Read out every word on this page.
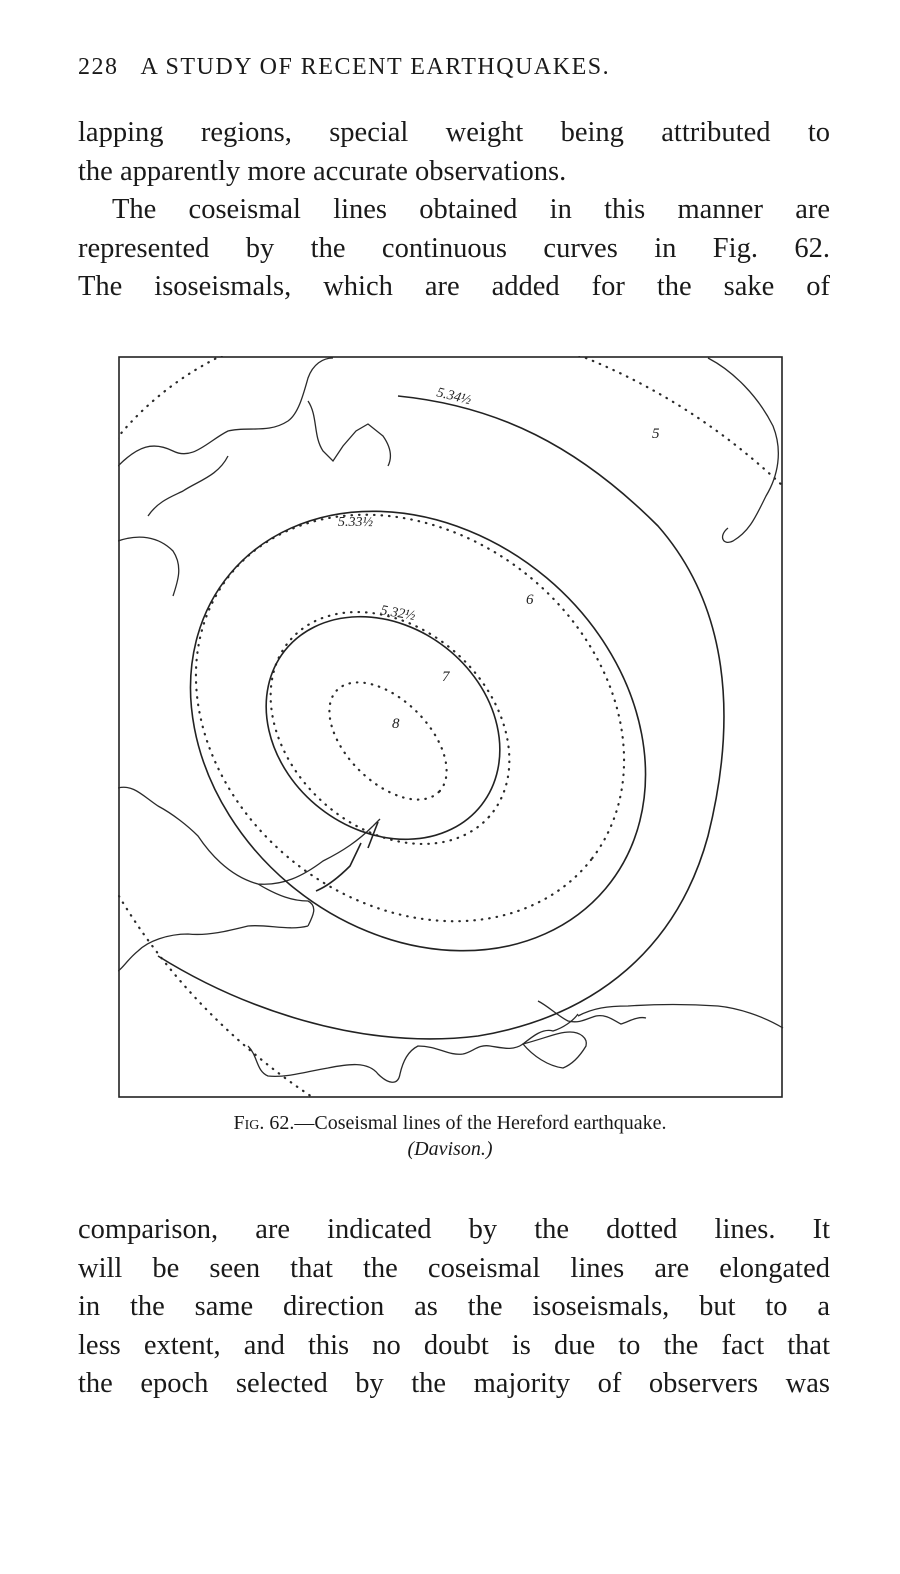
228 A STUDY OF RECENT EARTHQUAKES.
lapping regions, special weight being attributed to
the apparently more accurate observations.
The coseismal lines obtained in this manner are
represented by the continuous curves in Fig. 62.
The isoseismals, which are added for the sake of
5.34½
5.33½
5.32½
5
6
7
8
Fig. 62.—Coseismal lines of the Hereford earthquake.
(Davison.)
comparison, are indicated by the dotted lines. It
will be seen that the coseismal lines are elongated
in the same direction as the isoseismals, but to a
less extent, and this no doubt is due to the fact that
the epoch selected by the majority of observers was
